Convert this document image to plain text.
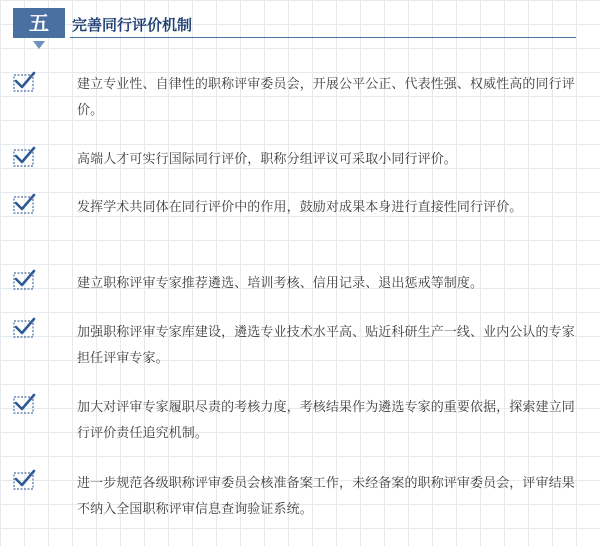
五	完善同行评价机制
建立专业性、自律性的职称评审委员会，开展公平公正、代表性强、权威性高的同行评价。
高端人才可实行国际同行评价，职称分组评议可采取小同行评价。
发挥学术共同体在同行评价中的作用，鼓励对成果本身进行直接性同行评价。
建立职称评审专家推荐遴选、培训考核、信用记录、退出惩戒等制度。
加强职称评审专家库建设，遴选专业技术水平高、贴近科研生产一线、业内公认的专家担任评审专家。
加大对评审专家履职尽责的考核力度，考核结果作为遴选专家的重要依据，探索建立同行评价责任追究机制。
进一步规范各级职称评审委员会核准备案工作，未经备案的职称评审委员会，评审结果不纳入全国职称评审信息查询验证系统。
